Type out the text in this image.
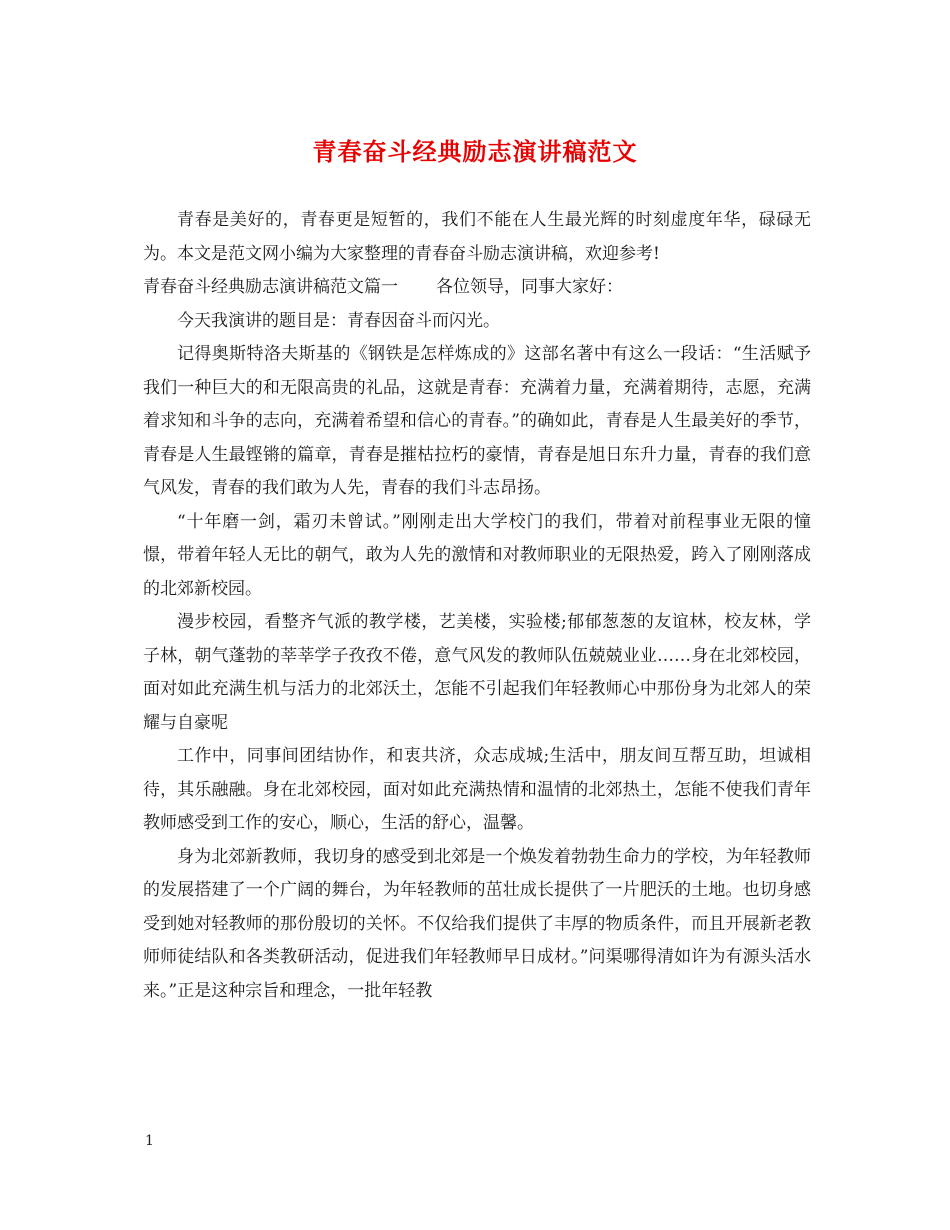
青春奋斗经典励志演讲稿范文

青春是美好的，青春更是短暂的，我们不能在人生最光辉的时刻虚度年华，碌碌无为。本文是范文网小编为大家整理的青春奋斗励志演讲稿，欢迎参考!

青春奋斗经典励志演讲稿范文篇一 各位领导，同事大家好：

今天我演讲的题目是：青春因奋斗而闪光。

记得奥斯特洛夫斯基的《钢铁是怎样炼成的》这部名著中有这么一段话：“生活赋予我们一种巨大的和无限高贵的礼品，这就是青春：充满着力量，充满着期待，志愿，充满着求知和斗争的志向，充满着希望和信心的青春。”的确如此，青春是人生最美好的季节，青春是人生最铿锵的篇章，青春是摧枯拉朽的豪情，青春是旭日东升力量，青春的我们意气风发，青春的我们敢为人先，青春的我们斗志昂扬。

“十年磨一剑，霜刃未曾试。”刚刚走出大学校门的我们，带着对前程事业无限的憧憬，带着年轻人无比的朝气，敢为人先的激情和对教师职业的无限热爱，跨入了刚刚落成的北郊新校园。

漫步校园，看整齐气派的教学楼，艺美楼，实验楼;郁郁葱葱的友谊林，校友林，学子林，朝气蓬勃的莘莘学子孜孜不倦，意气风发的教师队伍兢兢业业……身在北郊校园，面对如此充满生机与活力的北郊沃土，怎能不引起我们年轻教师心中那份身为北郊人的荣耀与自豪呢

工作中，同事间团结协作，和衷共济，众志成城;生活中，朋友间互帮互助，坦诚相待，其乐融融。身在北郊校园，面对如此充满热情和温情的北郊热土，怎能不使我们青年教师感受到工作的安心，顺心，生活的舒心，温馨。

身为北郊新教师，我切身的感受到北郊是一个焕发着勃勃生命力的学校，为年轻教师的发展搭建了一个广阔的舞台，为年轻教师的茁壮成长提供了一片肥沃的土地。也切身感受到她对轻教师的那份殷切的关怀。不仅给我们提供了丰厚的物质条件，而且开展新老教师师徒结队和各类教研活动，促进我们年轻教师早日成材。”问渠哪得清如许为有源头活水来。”正是这种宗旨和理念，一批年轻教

1
